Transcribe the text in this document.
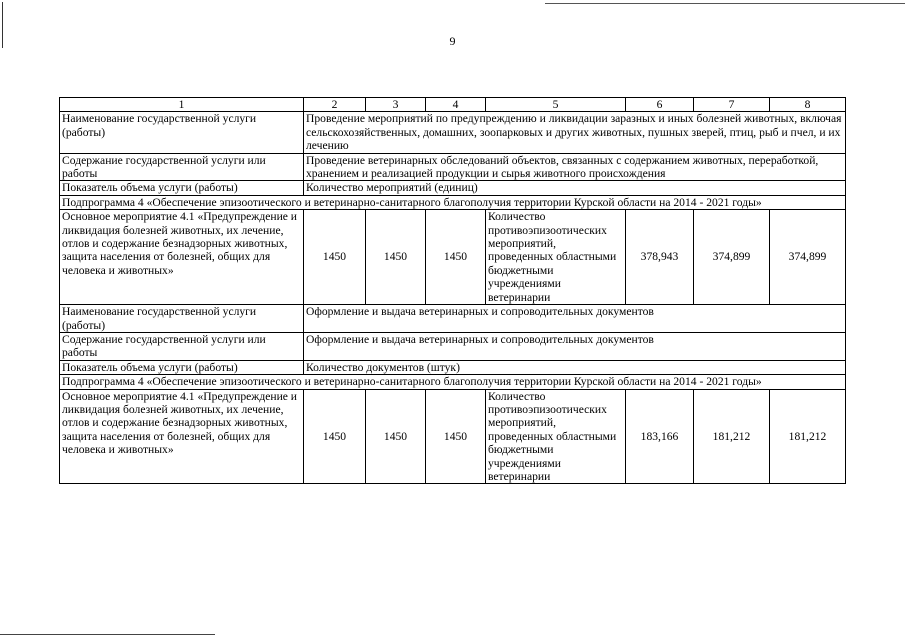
9
1	2	3	4	5	6	7	8
Наименование государственной услуги (работы)	Проведение мероприятий по предупреждению и ликвидации заразных и иных болезней животных, включая сельскохозяйственных, домашних, зоопарковых и других животных, пушных зверей, птиц, рыб и пчел, и их лечению						
Содержание государственной услуги или работы	Проведение ветеринарных обследований объектов, связанных с содержанием животных, переработкой, хранением и реализацией продукции и сырья животного происхождения						
Показатель объема услуги (работы)	Количество мероприятий (единиц)						
Подпрограмма 4 «Обеспечение эпизоотического и ветеринарно-санитарного благополучия территории Курской области на 2014 - 2021 годы»							
Основное мероприятие 4.1 «Предупреждение и ликвидация болезней животных, их лечение, отлов и содержание безнадзорных животных, защита населения от болезней, общих для человека и животных»	1450	1450	1450	Количество противоэпизоотических мероприятий, проведенных областными бюджетными учреждениями ветеринарии	378,943	374,899	374,899
Наименование государственной услуги (работы)	Оформление и выдача ветеринарных и сопроводительных документов						
Содержание государственной услуги или работы	Оформление и выдача ветеринарных и сопроводительных документов						
Показатель объема услуги (работы)	Количество документов (штук)						
Подпрограмма 4 «Обеспечение эпизоотического и ветеринарно-санитарного благополучия территории Курской области на 2014 - 2021 годы»							
Основное мероприятие 4.1 «Предупреждение и ликвидация болезней животных, их лечение, отлов и содержание безнадзорных животных, защита населения от болезней, общих для человека и животных»	1450	1450	1450	Количество противоэпизоотических мероприятий, проведенных областными бюджетными учреждениями ветеринарии	183,166	181,212	181,212
